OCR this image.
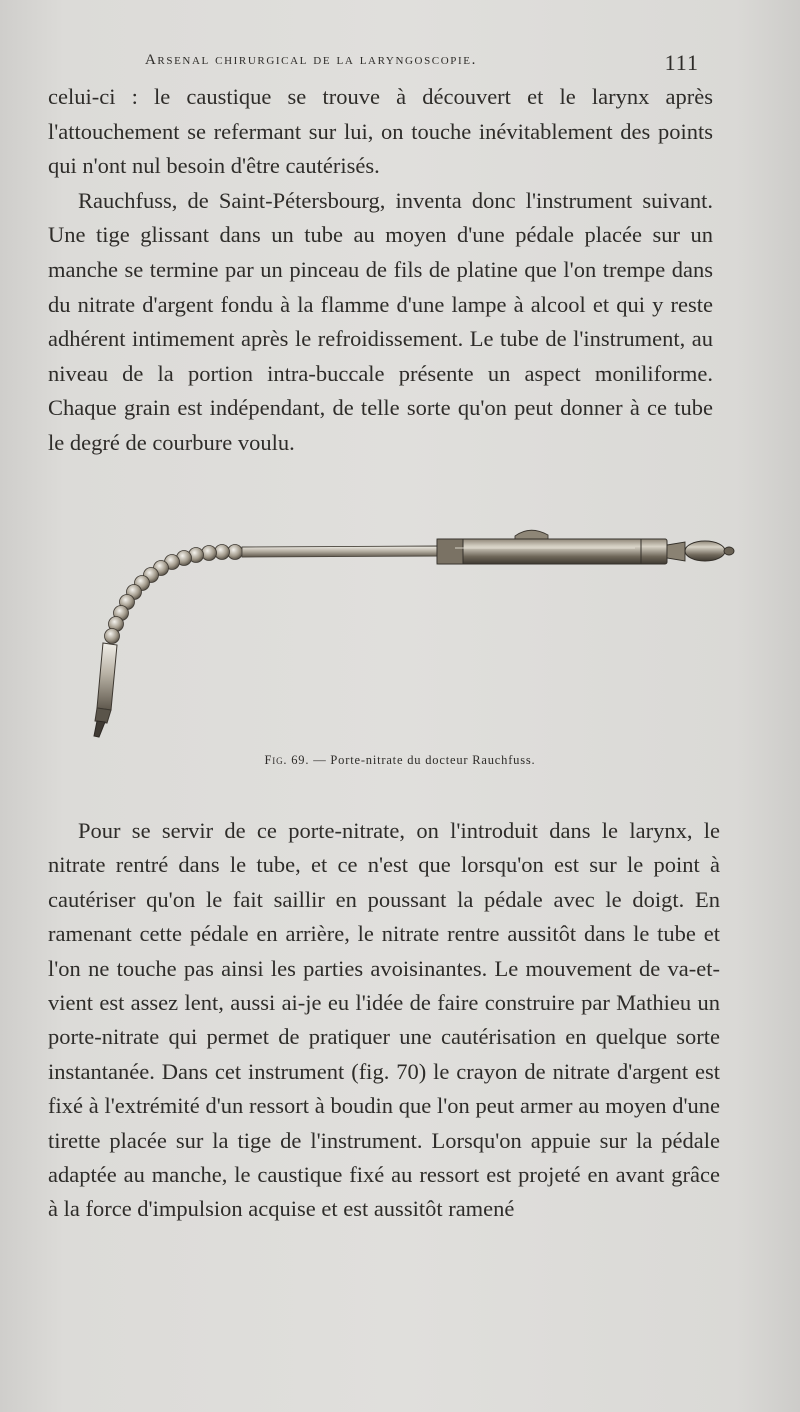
Arsenal chirurgical de la laryngoscopie.	111

celui-ci : le caustique se trouve à découvert et le larynx après l'attouchement se refermant sur lui, on touche inévitablement des points qui n'ont nul besoin d'être cautérisés.

Rauchfuss, de Saint-Pétersbourg, inventa donc l'instrument suivant. Une tige glissant dans un tube au moyen d'une pédale placée sur un manche se termine par un pinceau de fils de platine que l'on trempe dans du nitrate d'argent fondu à la flamme d'une lampe à alcool et qui y reste adhérent intimement après le refroidissement. Le tube de l'instrument, au niveau de la portion intra-buccale présente un aspect moniliforme. Chaque grain est indépendant, de telle sorte qu'on peut donner à ce tube le degré de courbure voulu.

Fig. 69. — Porte-nitrate du docteur Rauchfuss.

Pour se servir de ce porte-nitrate, on l'introduit dans le larynx, le nitrate rentré dans le tube, et ce n'est que lorsqu'on est sur le point à cautériser qu'on le fait saillir en poussant la pédale avec le doigt. En ramenant cette pédale en arrière, le nitrate rentre aussitôt dans le tube et l'on ne touche pas ainsi les parties avoisinantes. Le mouvement de va-et-vient est assez lent, aussi ai-je eu l'idée de faire construire par Mathieu un porte-nitrate qui permet de pratiquer une cautérisation en quelque sorte instantanée. Dans cet instrument (fig. 70) le crayon de nitrate d'argent est fixé à l'extrémité d'un ressort à boudin que l'on peut armer au moyen d'une tirette placée sur la tige de l'instrument. Lorsqu'on appuie sur la pédale adaptée au manche, le caustique fixé au ressort est projeté en avant grâce à la force d'impulsion acquise et est aussitôt ramené
